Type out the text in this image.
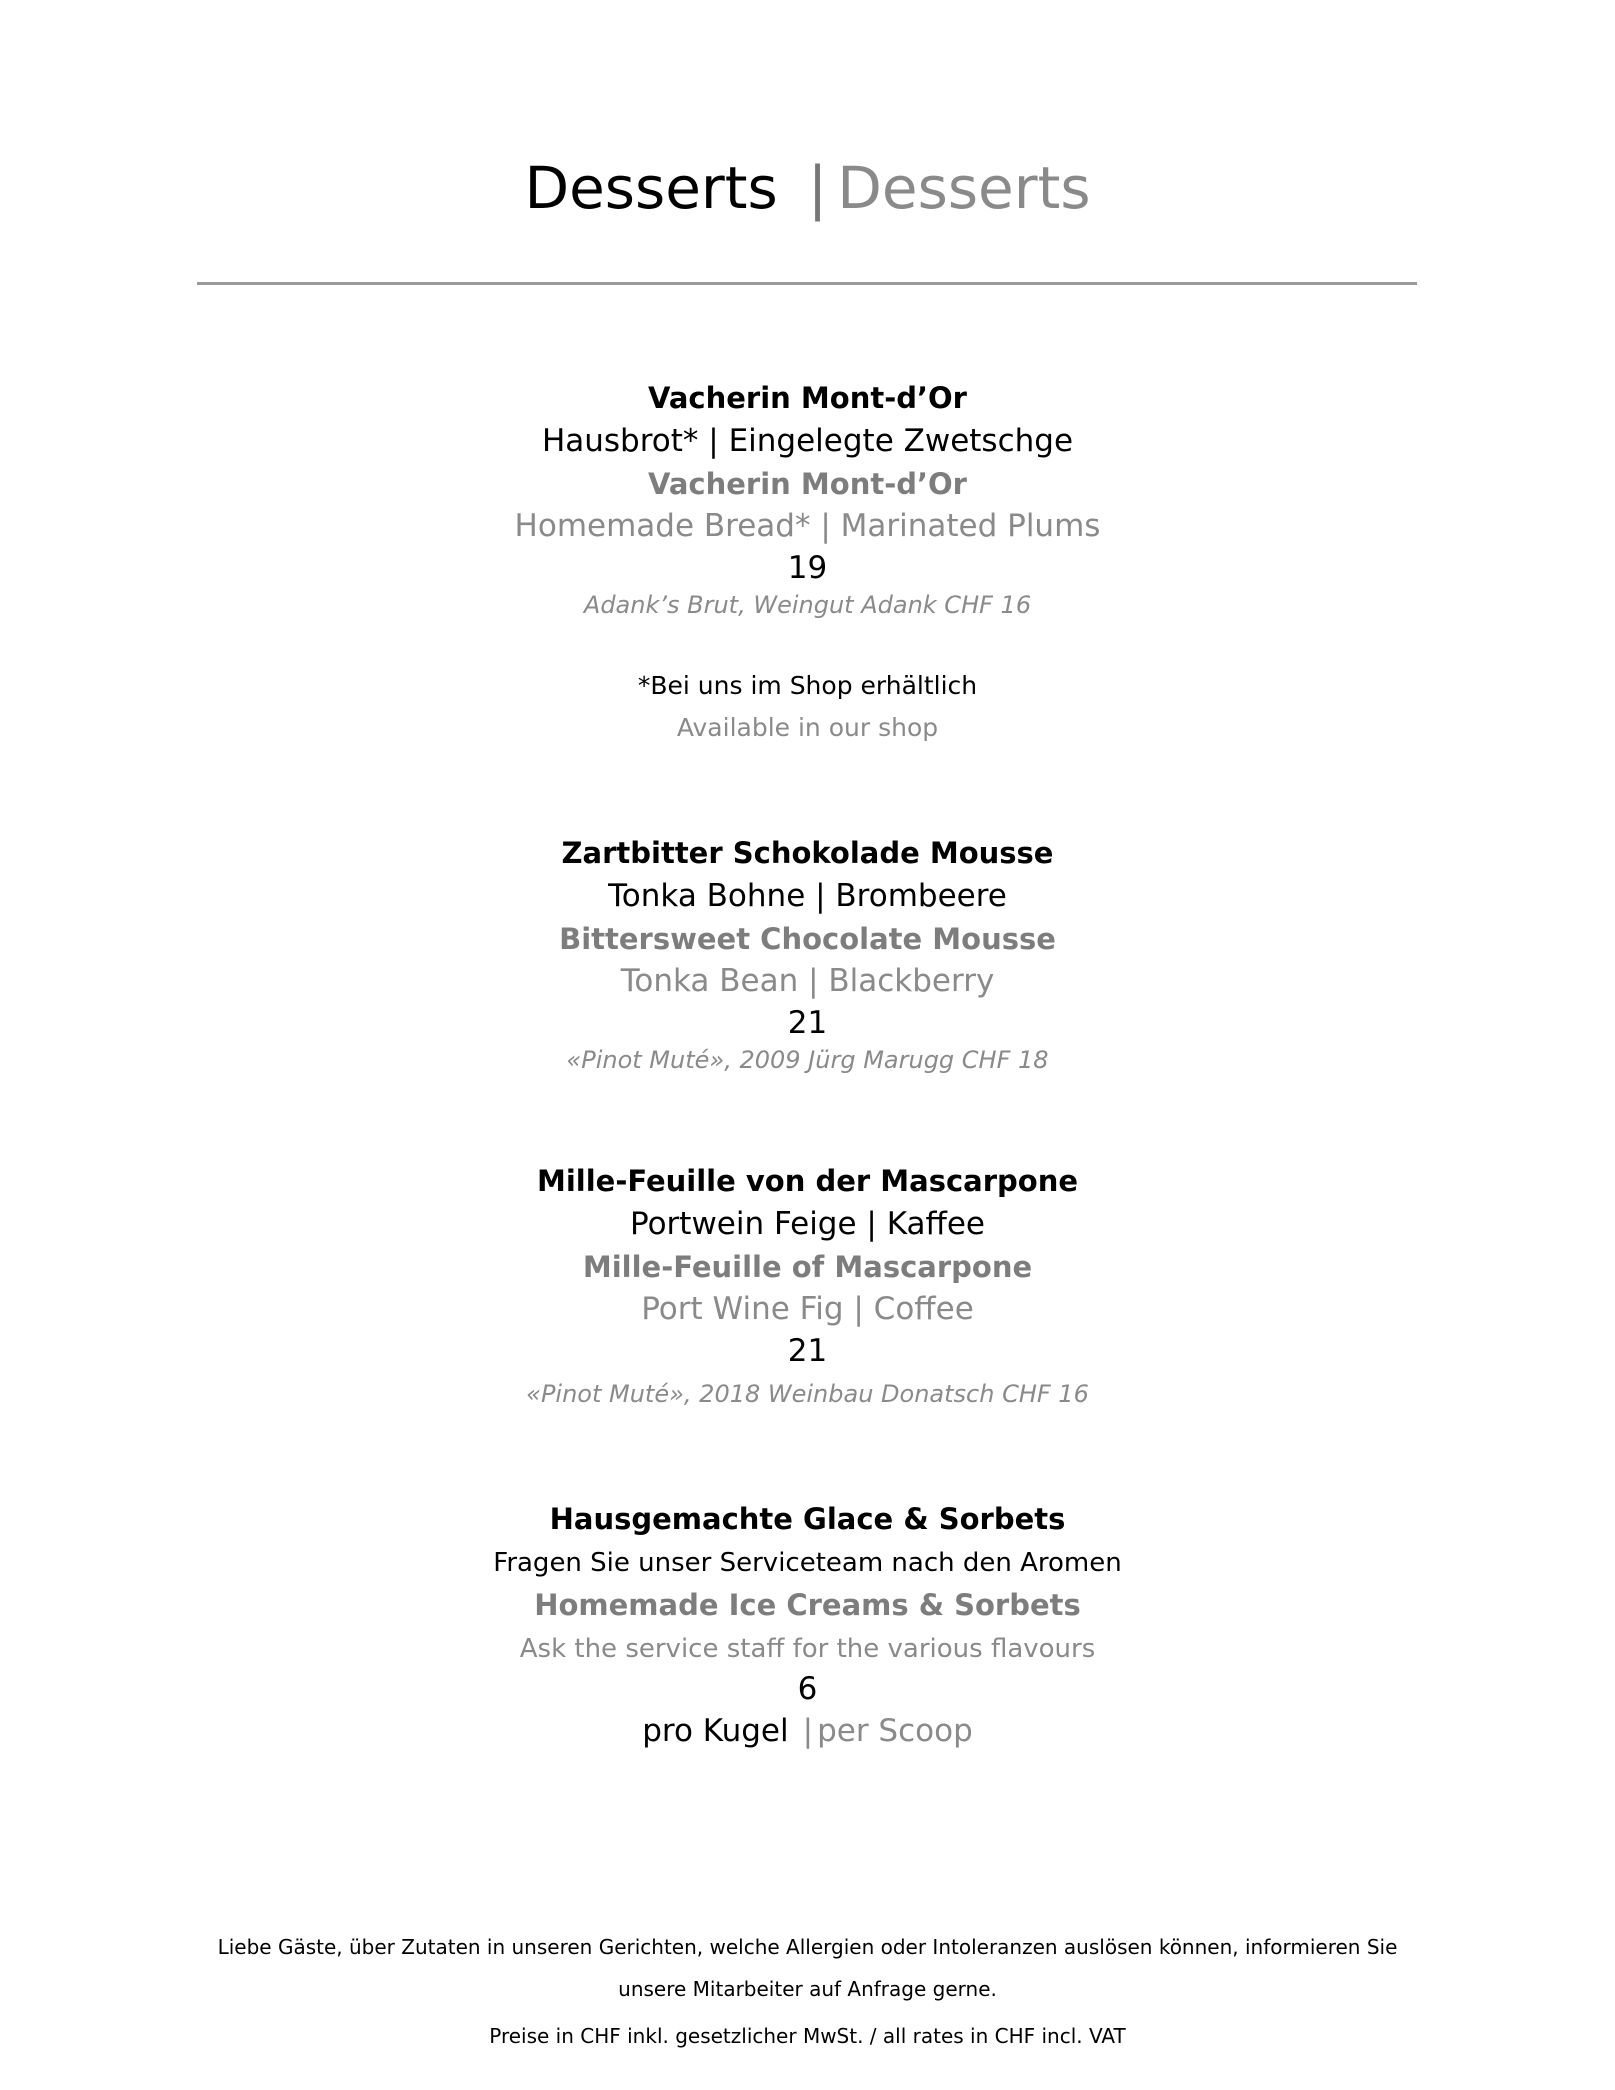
Desserts | Desserts
Vacherin Mont-d’Or
Hausbrot* | Eingelegte Zwetschge
Vacherin Mont-d’Or
Homemade Bread* | Marinated Plums
19
Adank’s Brut, Weingut Adank CHF 16
*Bei uns im Shop erhältlich
Available in our shop
Zartbitter Schokolade Mousse
Tonka Bohne | Brombeere
Bittersweet Chocolate Mousse
Tonka Bean | Blackberry
21
«Pinot Muté», 2009 Jürg Marugg CHF 18
Mille-Feuille von der Mascarpone
Portwein Feige | Kaffee
Mille-Feuille of Mascarpone
Port Wine Fig | Coffee
21
«Pinot Muté», 2018 Weinbau Donatsch CHF 16
Hausgemachte Glace & Sorbets
Fragen Sie unser Serviceteam nach den Aromen
Homemade Ice Creams & Sorbets
Ask the service staff for the various flavours
6
pro Kugel | per Scoop
Liebe Gäste, über Zutaten in unseren Gerichten, welche Allergien oder Intoleranzen auslösen können, informieren Sie
unsere Mitarbeiter auf Anfrage gerne.
Preise in CHF inkl. gesetzlicher MwSt. / all rates in CHF incl. VAT
